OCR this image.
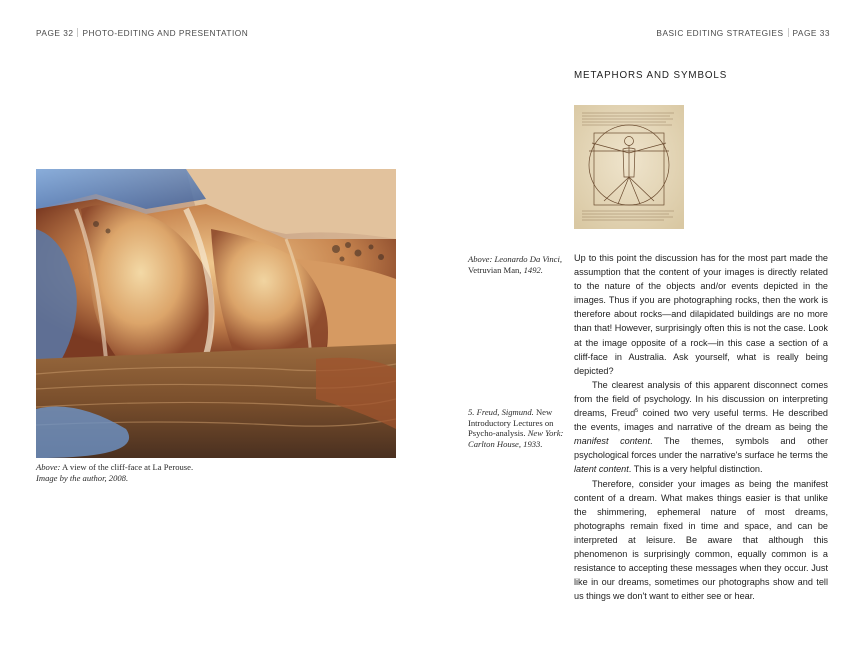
PAGE 32 PHOTO-EDITING AND PRESENTATION	BASIC EDITING STRATEGIES PAGE 33
METAPHORS AND SYMBOLS
Above: A view of the cliff-face at La Perouse.
Image by the author, 2008.
Above: Leonardo Da Vinci,
Vetruvian Man, 1492.
5. Freud, Sigmund. New Introductory Lectures on Psycho-analysis. New York: Carlton House, 1933.

Up to this point the discussion has for the most part made the assumption that the content of your images is directly related to the nature of the objects and/or events depicted in the images. Thus if you are photographing rocks, then the work is therefore about rocks—and dilapidated buildings are no more than that! However, surprisingly often this is not the case. Look at the image opposite of a rock—in this case a section of a cliff-face in Australia. Ask yourself, what is really being depicted?

The clearest analysis of this apparent disconnect comes from the field of psychology. In his discussion on interpreting dreams, Freud$^5$ coined two very useful terms. He described the events, images and narrative of the dream as being the manifest content. The themes, symbols and other psychological forces under the narrative's surface he terms the latent content. This is a very helpful distinction.

Therefore, consider your images as being the manifest content of a dream. What makes things easier is that unlike the shimmering, ephemeral nature of most dreams, photographs remain fixed in time and space, and can be interpreted at leisure. Be aware that although this phenomenon is surprisingly common, equally common is a resistance to accepting these messages when they occur. Just like in our dreams, sometimes our photographs show and tell us things we don't want to either see or hear.
